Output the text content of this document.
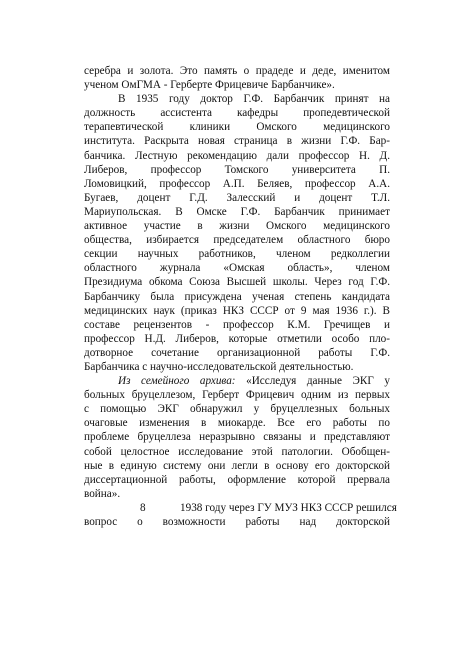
серебра и золота. Это память о прадеде и деде, именитом
ученом ОмГМА - Герберте Фрицевиче Барбанчике».
В 1935 году доктор Г.Ф. Барбанчик принят на
должность ассистента кафедры пропедевтической
терапевтической клиники Омского медицинского
института. Раскрыта новая страница в жизни Г.Ф. Бар-
банчика. Лестную рекомендацию дали профессор Н. Д.
Либеров, профессор Томского университета П.
Ломовицкий, профессор А.П. Беляев, профессор А.А.
Бугаев, доцент Г.Д. Залесский и доцент Т.Л.
Мариупольская. В Омске Г.Ф. Барбанчик принимает
активное участие в жизни Омского медицинского
общества, избирается председателем областного бюро
секции научных работников, членом редколлегии
областного журнала «Омская область», членом
Президиума обкома Союза Высшей школы. Через год Г.Ф.
Барбанчику была присуждена ученая степень кандидата
медицинских наук (приказ НКЗ СССР от 9 мая 1936 г.). В
составе рецензентов - профессор К.М. Гречищев и
профессор Н.Д. Либеров, которые отметили особо пло-
дотворное сочетание организационной работы Г.Ф.
Барбанчика с научно-исследовательской деятельностью.
Из семейного архива: «Исследуя данные ЭКГ у
больных бруцеллезом, Герберт Фрицевич одним из первых
с помощью ЭКГ обнаружил у бруцеллезных больных
очаговые изменения в миокарде. Все его работы по
проблеме бруцеллеза неразрывно связаны и представляют
собой целостное исследование этой патологии. Обобщен-
ные в единую систему они легли в основу его докторской
диссертационной работы, оформление которой прервала
война».
8	1938 году через ГУ МУЗ НКЗ СССР решился
вопрос о возможности работы над докторской
